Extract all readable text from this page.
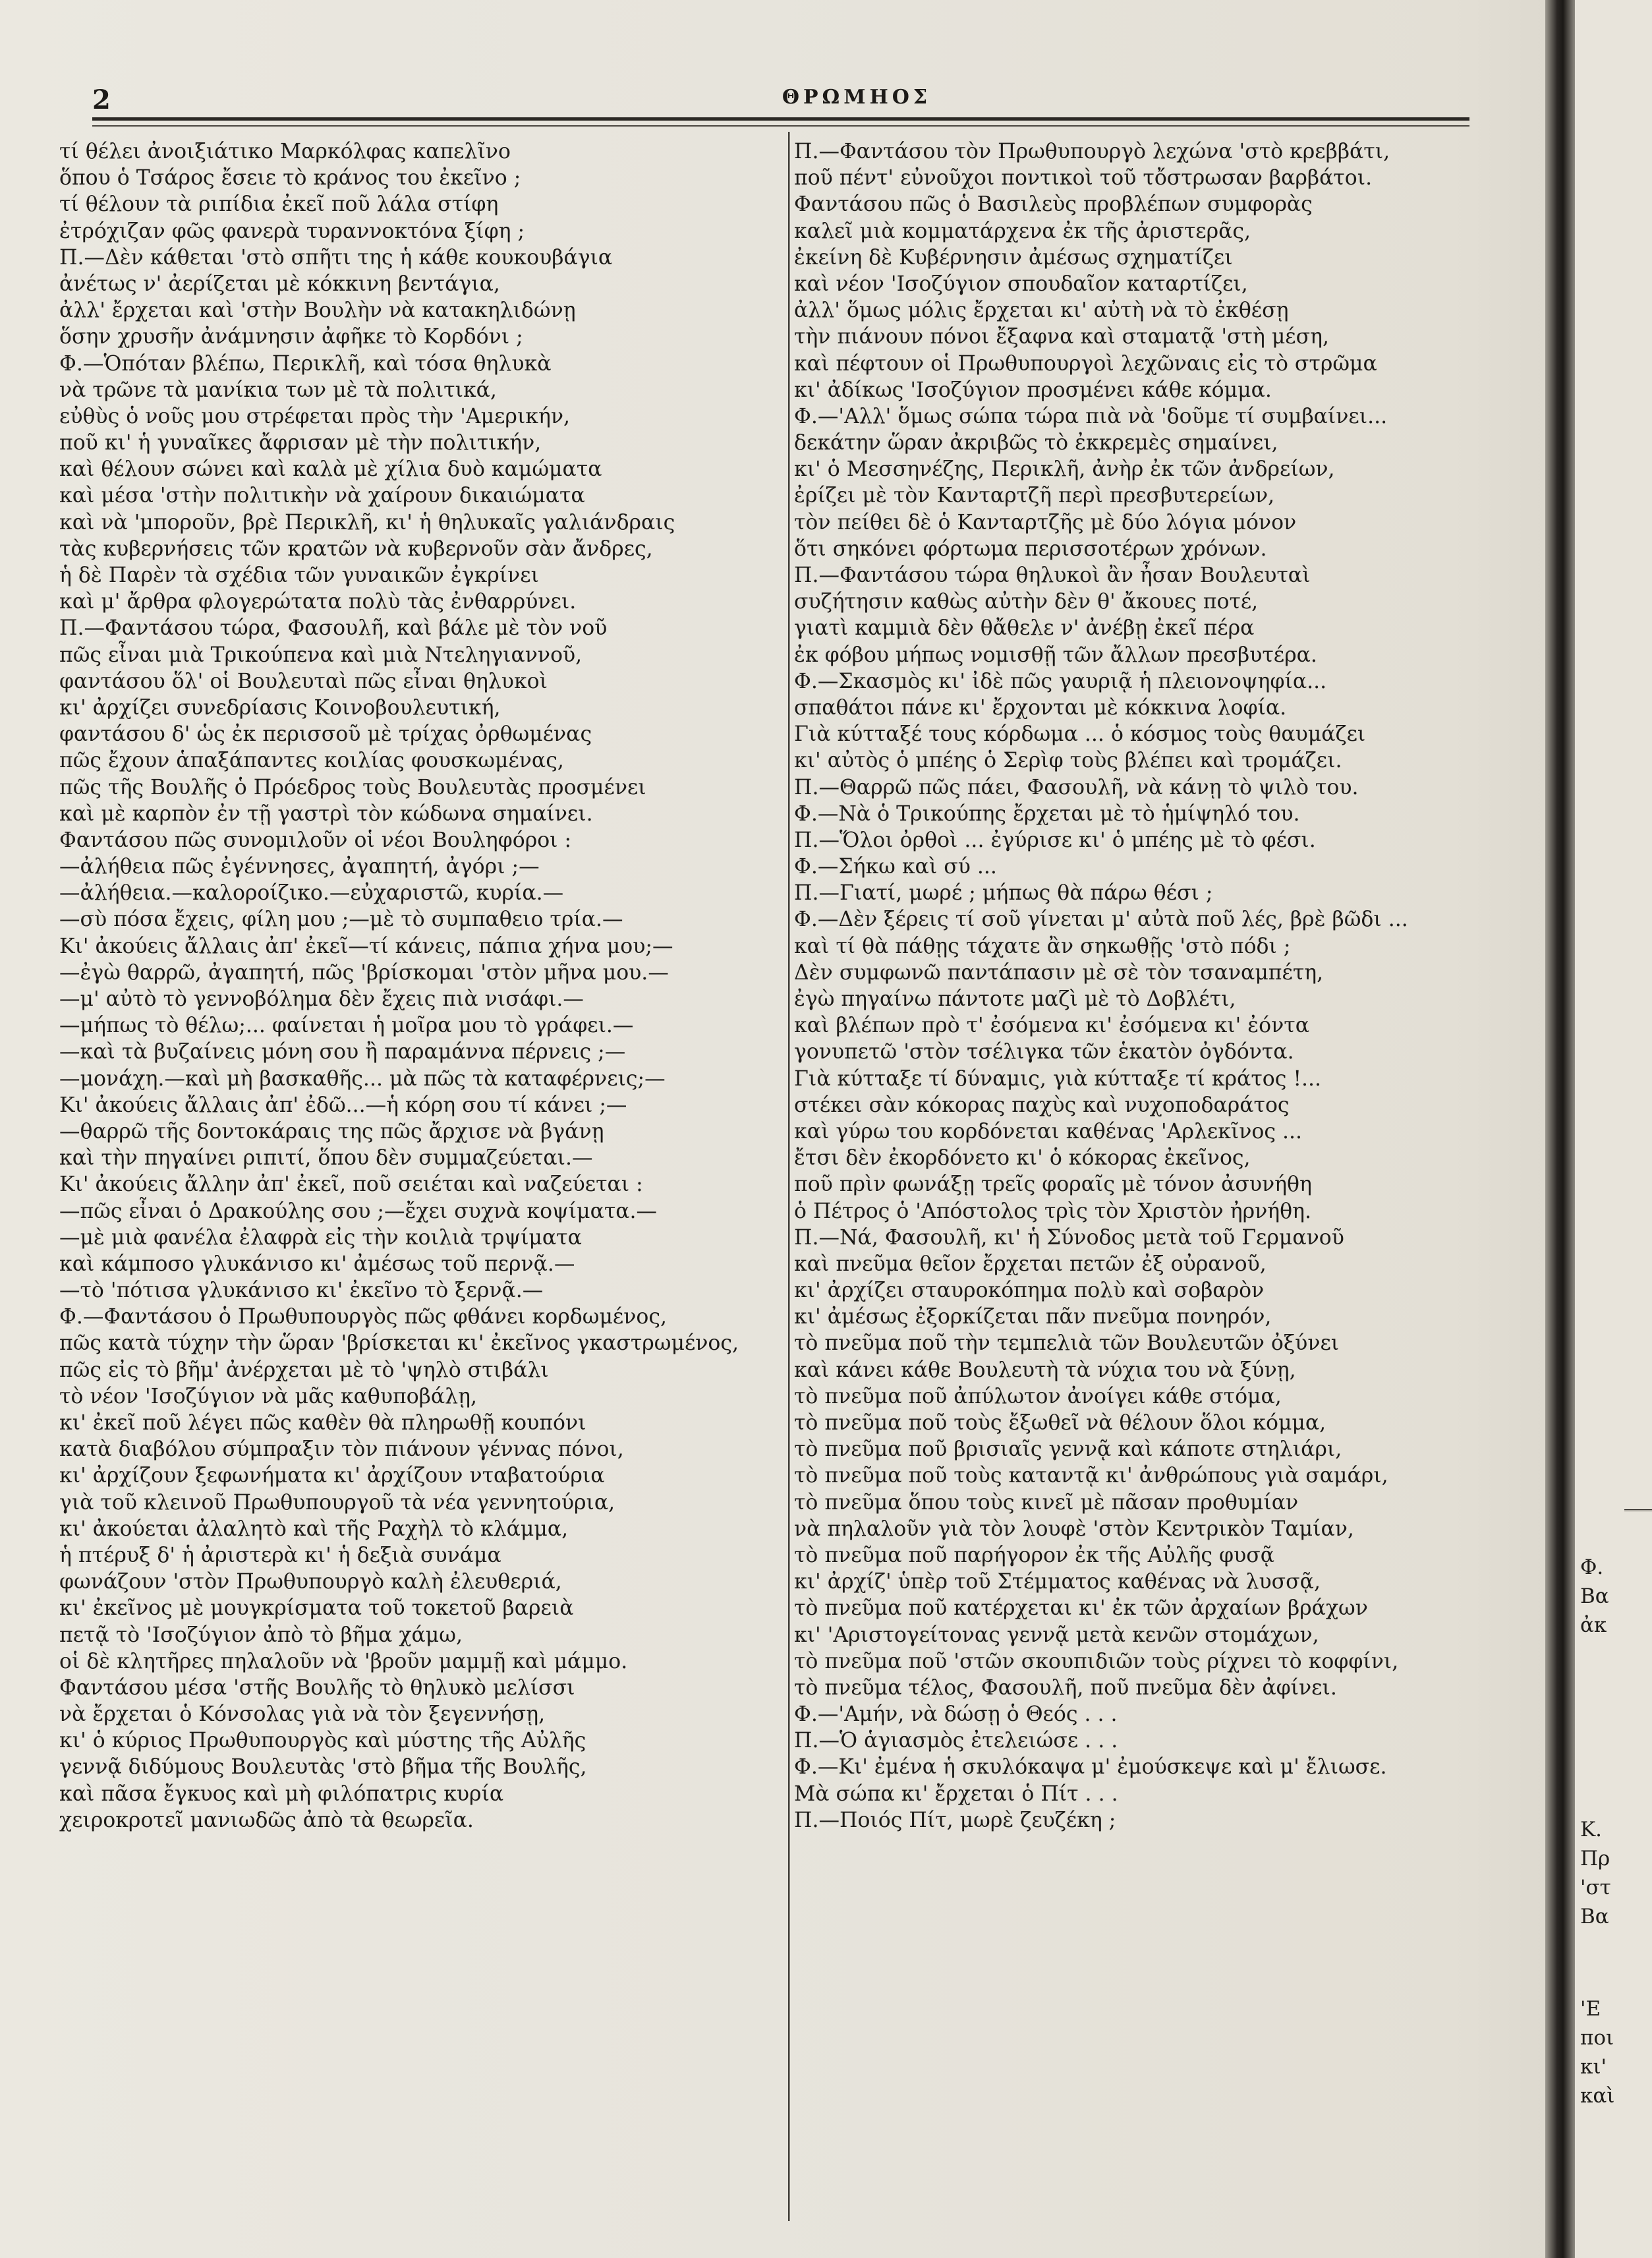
2	ΘΡΩΜΗΟΣ
τί θέλει ἀνοιξιάτικο Μαρκόλφας καπελῖνο
ὅπου ὁ Τσάρος ἔσειε τὸ κράνος του ἐκεῖνο ;
τί θέλουν τὰ ριπίδια ἐκεῖ ποῦ λάλα στίφη
ἐτρόχιζαν φῶς φανερὰ τυραννοκτόνα ξίφη ;
Π.—Δὲν κάθεται 'στὸ σπῆτι της ἡ κάθε κουκουβάγια
ἀνέτως ν' ἀερίζεται μὲ κόκκινη βεντάγια,
ἀλλ' ἔρχεται καὶ 'στὴν Βουλὴν νὰ κατακηλιδώνῃ
ὅσην χρυσῆν ἀνάμνησιν ἀφῆκε τὸ Κορδόνι ;
Φ.—Ὁπόταν βλέπω, Περικλῆ, καὶ τόσα θηλυκὰ
νὰ τρῶνε τὰ μανίκια των μὲ τὰ πολιτικά,
εὐθὺς ὁ νοῦς μου στρέφεται πρὸς τὴν 'Αμερικήν,
ποῦ κι' ἡ γυναῖκες ἄφρισαν μὲ τὴν πολιτικήν,
καὶ θέλουν σώνει καὶ καλὰ μὲ χίλια δυὸ καμώματα
καὶ μέσα 'στὴν πολιτικὴν νὰ χαίρουν δικαιώματα
καὶ νὰ 'μποροῦν, βρὲ Περικλῆ, κι' ἡ θηλυκαῖς γαλιάνδραις
τὰς κυβερνήσεις τῶν κρατῶν νὰ κυβερνοῦν σὰν ἄνδρες,
ἡ δὲ Παρὲν τὰ σχέδια τῶν γυναικῶν ἐγκρίνει
καὶ μ' ἄρθρα φλογερώτατα πολὺ τὰς ἐνθαρρύνει.
Π.—Φαντάσου τώρα, Φασουλῆ, καὶ βάλε μὲ τὸν νοῦ
πῶς εἶναι μιὰ Τρικούπενα καὶ μιὰ Ντεληγιαννοῦ,
φαντάσου ὅλ' οἱ Βουλευταὶ πῶς εἶναι θηλυκοὶ
κι' ἀρχίζει συνεδρίασις Κοινοβουλευτική,
φαντάσου δ' ὡς ἐκ περισσοῦ μὲ τρίχας ὀρθωμένας
πῶς ἔχουν ἁπαξάπαντες κοιλίας φουσκωμένας,
πῶς τῆς Βουλῆς ὁ Πρόεδρος τοὺς Βουλευτὰς προσμένει
καὶ μὲ καρπὸν ἐν τῇ γαστρὶ τὸν κώδωνα σημαίνει.
Φαντάσου πῶς συνομιλοῦν οἱ νέοι Βουληφόροι :
—ἀλήθεια πῶς ἐγέννησες, ἀγαπητή, ἀγόρι ;—
—ἀλήθεια.—καλοροίζικο.—εὐχαριστῶ, κυρία.—
—σὺ πόσα ἔχεις, φίλη μου ;—μὲ τὸ συμπαθειο τρία.—
Κι' ἀκούεις ἄλλαις ἀπ' ἐκεῖ—τί κάνεις, πάπια χήνα μου;—
—ἐγὼ θαρρῶ, ἀγαπητή, πῶς 'βρίσκομαι 'στὸν μῆνα μου.—
—μ' αὐτὸ τὸ γεννοβόλημα δὲν ἔχεις πιὰ νισάφι.—
—μήπως τὸ θέλω;... φαίνεται ἡ μοῖρα μου τὸ γράφει.—
—καὶ τὰ βυζαίνεις μόνη σου ἢ παραμάννα πέρνεις ;—
—μονάχη.—καὶ μὴ βασκαθῆς... μὰ πῶς τὰ καταφέρνεις;—
Κι' ἀκούεις ἄλλαις ἀπ' ἐδῶ...—ἡ κόρη σου τί κάνει ;—
—θαρρῶ τῆς δοντοκάραις της πῶς ἄρχισε νὰ βγάνῃ
καὶ τὴν πηγαίνει ριπιτί, ὅπου δὲν συμμαζεύεται.—
Κι' ἀκούεις ἄλλην ἀπ' ἐκεῖ, ποῦ σειέται καὶ ναζεύεται :
—πῶς εἶναι ὁ Δρακούλης σου ;—ἔχει συχνὰ κοψίματα.—
—μὲ μιὰ φανέλα ἐλαφρὰ εἰς τὴν κοιλιὰ τρψίματα
καὶ κάμποσο γλυκάνισο κι' ἀμέσως τοῦ περνᾷ.—
—τὸ 'πότισα γλυκάνισο κι' ἐκεῖνο τὸ ξερνᾷ.—
Φ.—Φαντάσου ὁ Πρωθυπουργὸς πῶς φθάνει κορδωμένος,
πῶς κατὰ τύχην τὴν ὥραν 'βρίσκεται κι' ἐκεῖνος γκαστρωμένος,
πῶς εἰς τὸ βῆμ' ἀνέρχεται μὲ τὸ 'ψηλὸ στιβάλι
τὸ νέον 'Ισοζύγιον νὰ μᾶς καθυποβάλῃ,
κι' ἐκεῖ ποῦ λέγει πῶς καθὲν θὰ πληρωθῇ κουπόνι
κατὰ διαβόλου σύμπραξιν τὸν πιάνουν γέννας πόνοι,
κι' ἀρχίζουν ξεφωνήματα κι' ἀρχίζουν νταβατούρια
γιὰ τοῦ κλεινοῦ Πρωθυπουργοῦ τὰ νέα γεννητούρια,
κι' ἀκούεται ἀλαλητὸ καὶ τῆς Ραχὴλ τὸ κλάμμα,
ἡ πτέρυξ δ' ἡ ἀριστερὰ κι' ἡ δεξιὰ συνάμα
φωνάζουν 'στὸν Πρωθυπουργὸ καλὴ ἐλευθεριά,
κι' ἐκεῖνος μὲ μουγκρίσματα τοῦ τοκετοῦ βαρειὰ
πετᾷ τὸ 'Ισοζύγιον ἀπὸ τὸ βῆμα χάμω,
οἱ δὲ κλητῆρες πηλαλοῦν νὰ 'βροῦν μαμμῇ καὶ μάμμο.
Φαντάσου μέσα 'στῆς Βουλῆς τὸ θηλυκὸ μελίσσι
νὰ ἔρχεται ὁ Κόνσολας γιὰ νὰ τὸν ξεγεννήσῃ,
κι' ὁ κύριος Πρωθυπουργὸς καὶ μύστης τῆς Αὐλῆς
γεννᾷ διδύμους Βουλευτὰς 'στὸ βῆμα τῆς Βουλῆς,
καὶ πᾶσα ἔγκυος καὶ μὴ φιλόπατρις κυρία
χειροκροτεῖ μανιωδῶς ἀπὸ τὰ θεωρεῖα.
Π.—Φαντάσου τὸν Πρωθυπουργὸ λεχώνα 'στὸ κρεββάτι,
ποῦ πέντ' εὐνοῦχοι ποντικοὶ τοῦ τὄστρωσαν βαρβάτοι.
Φαντάσου πῶς ὁ Βασιλεὺς προβλέπων συμφορὰς
καλεῖ μιὰ κομματάρχενα ἐκ τῆς ἀριστερᾶς,
ἐκείνη δὲ Κυβέρνησιν ἀμέσως σχηματίζει
καὶ νέον 'Ισοζύγιον σπουδαῖον καταρτίζει,
ἀλλ' ὅμως μόλις ἔρχεται κι' αὐτὴ νὰ τὸ ἐκθέσῃ
τὴν πιάνουν πόνοι ἔξαφνα καὶ σταματᾷ 'στὴ μέση,
καὶ πέφτουν οἱ Πρωθυπουργοὶ λεχῶναις εἰς τὸ στρῶμα
κι' ἀδίκως 'Ισοζύγιον προσμένει κάθε κόμμα.
Φ.—'Αλλ' ὅμως σώπα τώρα πιὰ νὰ 'δοῦμε τί συμβαίνει...
δεκάτην ὥραν ἀκριβῶς τὸ ἐκκρεμὲς σημαίνει,
κι' ὁ Μεσσηνέζης, Περικλῆ, ἀνὴρ ἐκ τῶν ἀνδρείων,
ἐρίζει μὲ τὸν Κανταρτζῆ περὶ πρεσβυτερείων,
τὸν πείθει δὲ ὁ Κανταρτζῆς μὲ δύο λόγια μόνον
ὅτι σηκόνει φόρτωμα περισσοτέρων χρόνων.
Π.—Φαντάσου τώρα θηλυκοὶ ἂν ἦσαν Βουλευταὶ
συζήτησιν καθὼς αὐτὴν δὲν θ' ἄκουες ποτέ,
γιατὶ καμμιὰ δὲν θἄθελε ν' ἀνέβῃ ἐκεῖ πέρα
ἐκ φόβου μήπως νομισθῇ τῶν ἄλλων πρεσβυτέρα.
Φ.—Σκασμὸς κι' ἰδὲ πῶς γαυριᾷ ἡ πλειονοψηφία...
σπαθάτοι πάνε κι' ἔρχονται μὲ κόκκινα λοφία.
Γιὰ κύτταξέ τους κόρδωμα ... ὁ κόσμος τοὺς θαυμάζει
κι' αὐτὸς ὁ μπέης ὁ Σερὶφ τοὺς βλέπει καὶ τρομάζει.
Π.—Θαρρῶ πῶς πάει, Φασουλῆ, νὰ κάνῃ τὸ ψιλὸ του.
Φ.—Νὰ ὁ Τρικούπης ἔρχεται μὲ τὸ ἡμίψηλό του.
Π.—Ὅλοι ὀρθοὶ ... ἐγύρισε κι' ὁ μπέης μὲ τὸ φέσι.
Φ.—Σήκω καὶ σύ ...
Π.—Γιατί, μωρέ ; μήπως θὰ πάρω θέσι ;
Φ.—Δὲν ξέρεις τί σοῦ γίνεται μ' αὐτὰ ποῦ λές, βρὲ βῶδι ...
καὶ τί θὰ πάθῃς τάχατε ἂν σηκωθῇς 'στὸ πόδι ;
Δὲν συμφωνῶ παντάπασιν μὲ σὲ τὸν τσαναμπέτη,
ἐγὼ πηγαίνω πάντοτε μαζὶ μὲ τὸ Δοβλέτι,
καὶ βλέπων πρὸ τ' ἐσόμενα κι' ἐσόμενα κι' ἐόντα
γονυπετῶ 'στὸν τσέλιγκα τῶν ἑκατὸν ὀγδόντα.
Γιὰ κύτταξε τί δύναμις, γιὰ κύτταξε τί κράτος !...
στέκει σὰν κόκορας παχὺς καὶ νυχοποδαράτος
καὶ γύρω του κορδόνεται καθένας 'Αρλεκῖνος ...
ἔτσι δὲν ἐκορδόνετο κι' ὁ κόκορας ἐκεῖνος,
ποῦ πρὶν φωνάξῃ τρεῖς φοραῖς μὲ τόνον ἀσυνήθη
ὁ Πέτρος ὁ 'Απόστολος τρὶς τὸν Χριστὸν ἠρνήθη.
Π.—Νά, Φασουλῆ, κι' ἡ Σύνοδος μετὰ τοῦ Γερμανοῦ
καὶ πνεῦμα θεῖον ἔρχεται πετῶν ἐξ οὐρανοῦ,
κι' ἀρχίζει σταυροκόπημα πολὺ καὶ σοβαρὸν
κι' ἀμέσως ἐξορκίζεται πᾶν πνεῦμα πονηρόν,
τὸ πνεῦμα ποῦ τὴν τεμπελιὰ τῶν Βουλευτῶν ὀξύνει
καὶ κάνει κάθε Βουλευτὴ τὰ νύχια του νὰ ξύνῃ,
τὸ πνεῦμα ποῦ ἀπύλωτον ἀνοίγει κάθε στόμα,
τὸ πνεῦμα ποῦ τοὺς ἔξωθεῖ νὰ θέλουν ὅλοι κόμμα,
τὸ πνεῦμα ποῦ βρισιαῖς γεννᾷ καὶ κάποτε στηλιάρι,
τὸ πνεῦμα ποῦ τοὺς καταντᾷ κι' ἀνθρώπους γιὰ σαμάρι,
τὸ πνεῦμα ὅπου τοὺς κινεῖ μὲ πᾶσαν προθυμίαν
νὰ πηλαλοῦν γιὰ τὸν λουφὲ 'στὸν Κεντρικὸν Ταμίαν,
τὸ πνεῦμα ποῦ παρήγορον ἐκ τῆς Αὐλῆς φυσᾷ
κι' ἀρχίζ' ὑπὲρ τοῦ Στέμματος καθένας νὰ λυσσᾷ,
τὸ πνεῦμα ποῦ κατέρχεται κι' ἐκ τῶν ἀρχαίων βράχων
κι' 'Αριστογείτονας γεννᾷ μετὰ κενῶν στομάχων,
τὸ πνεῦμα ποῦ 'στῶν σκουπιδιῶν τοὺς ρίχνει τὸ κοφφίνι,
τὸ πνεῦμα τέλος, Φασουλῆ, ποῦ πνεῦμα δὲν ἀφίνει.
Φ.—'Αμήν, νὰ δώσῃ ὁ Θεός . . .
Π.—Ὁ ἁγιασμὸς ἐτελειώσε . . .
Φ.—Κι' ἐμένα ἡ σκυλόκαψα μ' ἐμούσκεψε καὶ μ' ἔλιωσε.
Μὰ σώπα κι' ἔρχεται ὁ Πίτ . . .
Π.—Ποιός Πίτ, μωρὲ ζευζέκη ;
Φ.
Βα
ἀκ
Κ.
Πρ
'στ
Βα
'Ε
ποι
κι'
καὶ
